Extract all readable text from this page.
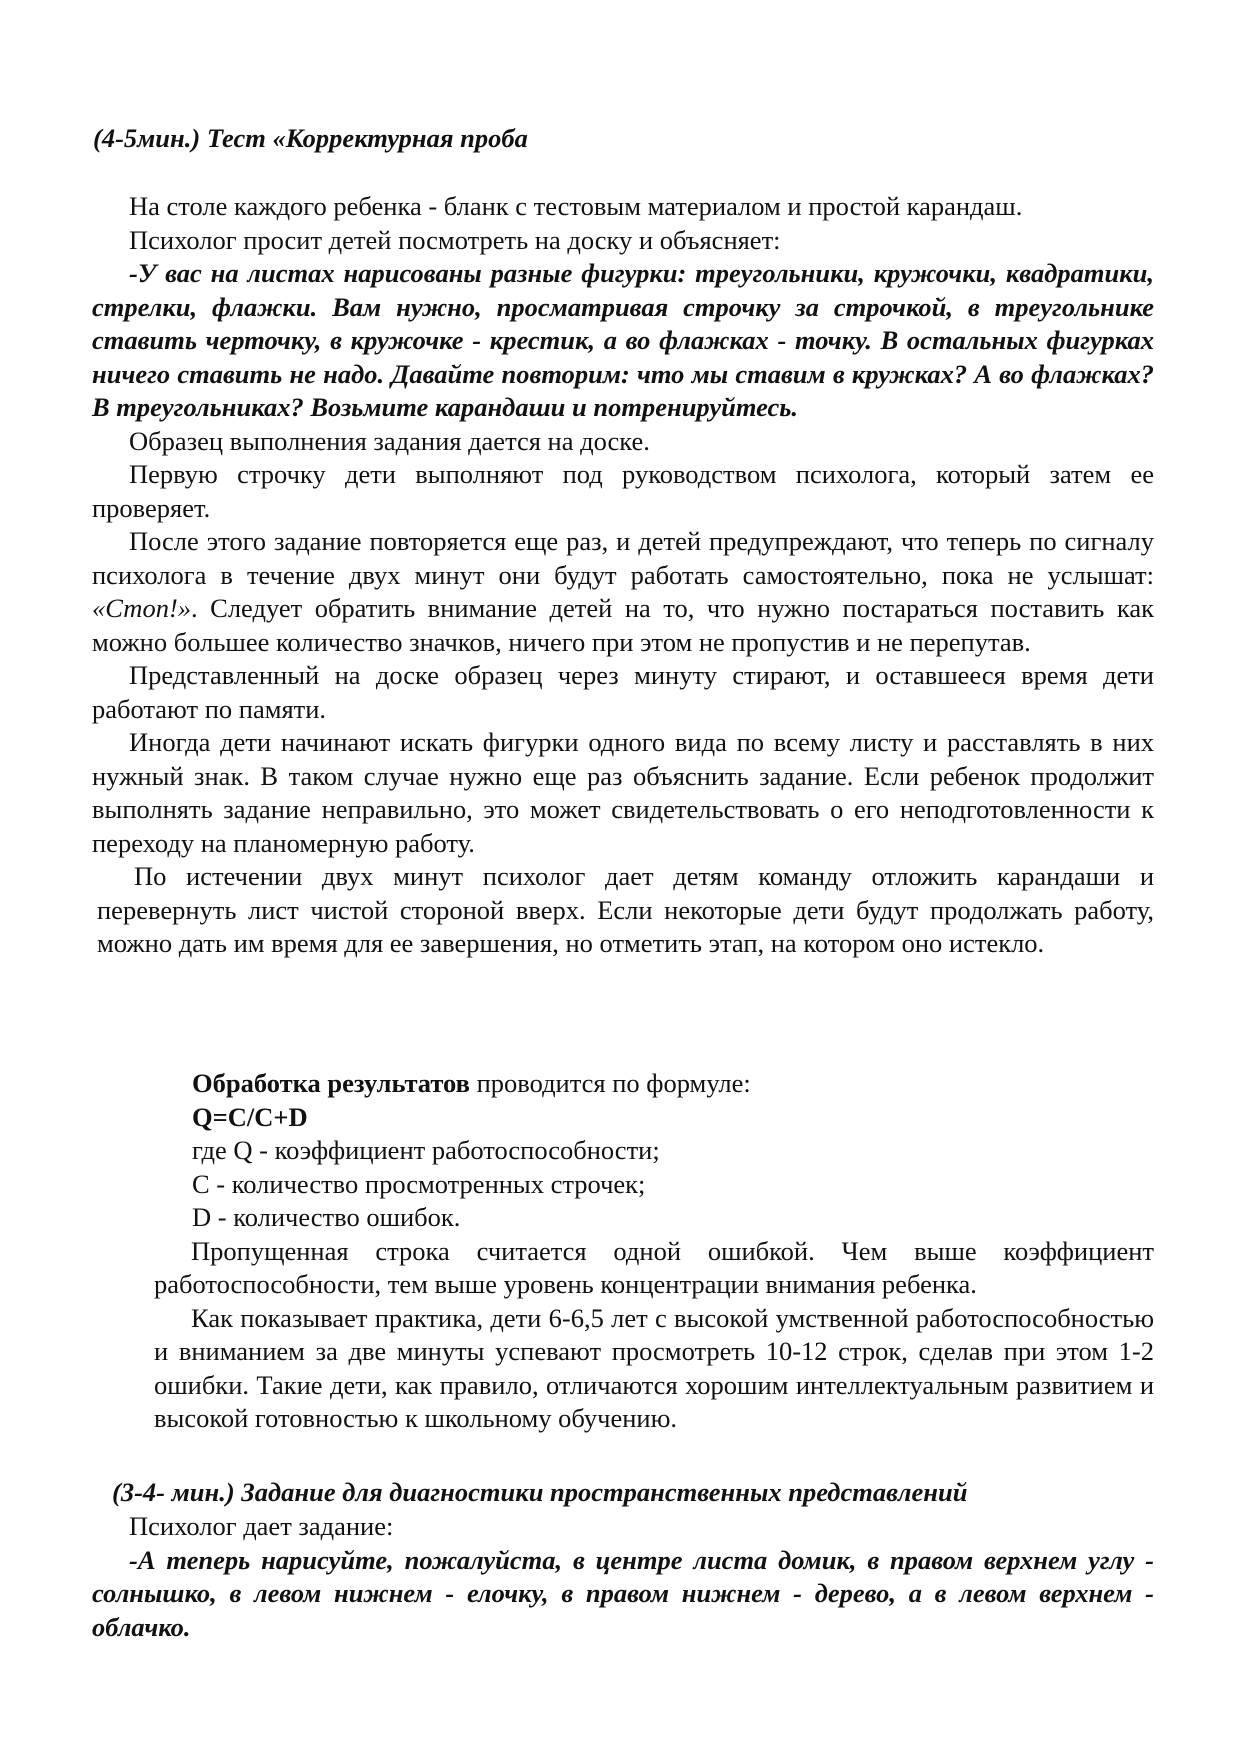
(4-5мин.) Тест «Корректурная проба

На столе каждого ребенка - бланк с тестовым материалом и простой карандаш.

Психолог просит детей посмотреть на доску и объясняет:

-У вас на листах нарисованы разные фигурки: треугольники, кружочки, квадратики, стрелки, флажки. Вам нужно, просматривая строчку за строчкой, в треугольнике ставить черточку, в кружочке - крестик, а во флажках - точку. В остальных фигурках ничего ставить не надо. Давайте повторим: что мы ставим в кружках? А во флажках? В треугольниках? Возьмите карандаши и потренируйтесь.

Образец выполнения задания дается на доске.

Первую строчку дети выполняют под руководством психолога, который затем ее проверяет.

После этого задание повторяется еще раз, и детей предупреждают, что теперь по сигналу психолога в течение двух минут они будут работать самостоятельно, пока не услышат: «Стоп!». Следует обратить внимание детей на то, что нужно постараться поставить как можно большее количество значков, ничего при этом не пропустив и не перепутав.

Представленный на доске образец через минуту стирают, и оставшееся время дети работают по памяти.

Иногда дети начинают искать фигурки одного вида по всему листу и расставлять в них нужный знак. В таком случае нужно еще раз объяснить задание. Если ребенок продолжит выполнять задание неправильно, это может свидетельствовать о его неподготовленности к переходу на планомерную работу.

По истечении двух минут психолог дает детям команду отложить карандаши и перевернуть лист чистой стороной вверх. Если некоторые дети будут продолжать работу, можно дать им время для ее завершения, но отметить этап, на котором оно истекло.

Обработка результатов проводится по формуле:

Q=C/C+D

где Q - коэффициент работоспособности;

С - количество просмотренных строчек;

D - количество ошибок.

Пропущенная строка считается одной ошибкой. Чем выше коэффициент работоспособности, тем выше уровень концентрации внимания ребенка.

Как показывает практика, дети 6-6,5 лет с высокой умственной работоспособностью и вниманием за две минуты успевают просмотреть 10-12 строк, сделав при этом 1-2 ошибки. Такие дети, как правило, отличаются хорошим интеллектуальным развитием и высокой готовностью к школьному обучению.

(3-4- мин.) Задание для диагностики пространственных представлений

Психолог дает задание:

-А теперь нарисуйте, пожалуйста, в центре листа домик, в правом верхнем углу - солнышко, в левом нижнем - елочку, в правом нижнем - дерево, а в левом верхнем - облачко.
